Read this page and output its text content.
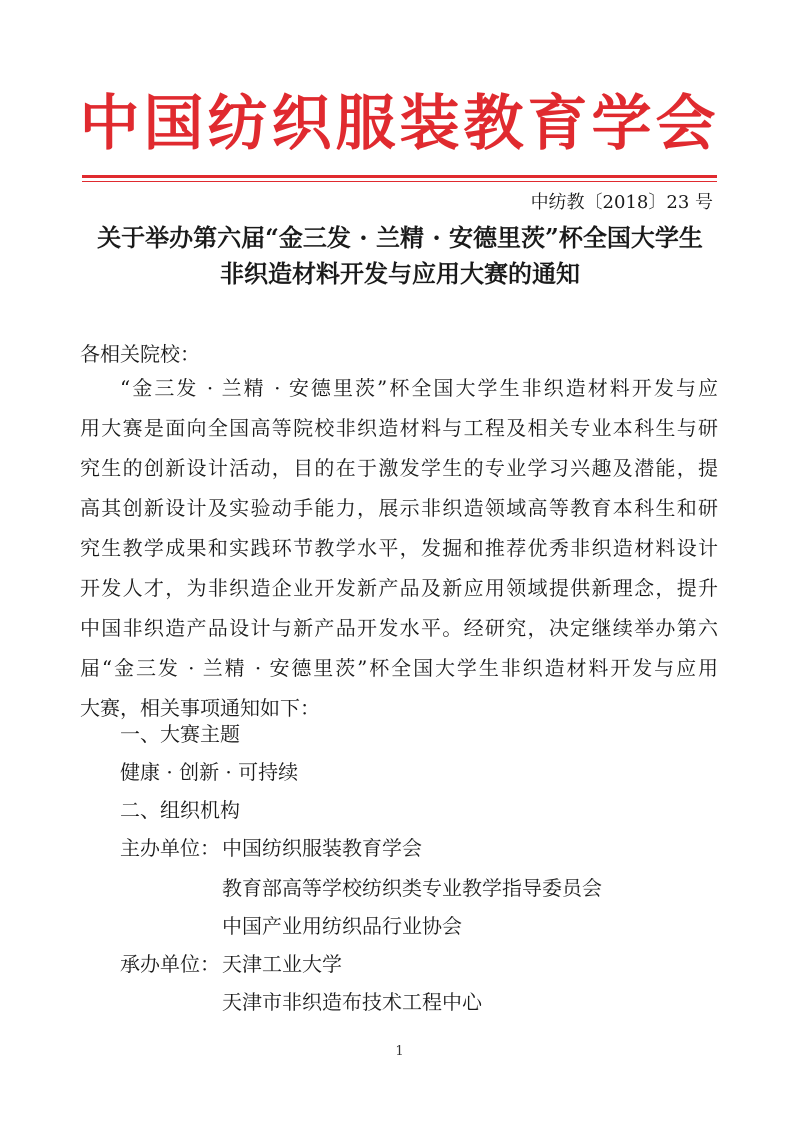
中国纺织服装教育学会
中纺教〔2018〕23 号
关于举办第六届“金三发 · 兰精 · 安德里茨”杯全国大学生
非织造材料开发与应用大赛的通知
各相关院校：
“金三发 · 兰精 · 安德里茨”杯全国大学生非织造材料开发与应
用大赛是面向全国高等院校非织造材料与工程及相关专业本科生与研
究生的创新设计活动，目的在于激发学生的专业学习兴趣及潜能，提
高其创新设计及实验动手能力，展示非织造领域高等教育本科生和研
究生教学成果和实践环节教学水平，发掘和推荐优秀非织造材料设计
开发人才，为非织造企业开发新产品及新应用领域提供新理念，提升
中国非织造产品设计与新产品开发水平。经研究，决定继续举办第六
届“金三发 · 兰精 · 安德里茨”杯全国大学生非织造材料开发与应用
大赛，相关事项通知如下：
一、大赛主题
健康 · 创新 · 可持续
二、组织机构
主办单位： 中国纺织服装教育学会
教育部高等学校纺织类专业教学指导委员会
中国产业用纺织品行业协会
承办单位： 天津工业大学
天津市非织造布技术工程中心
1
